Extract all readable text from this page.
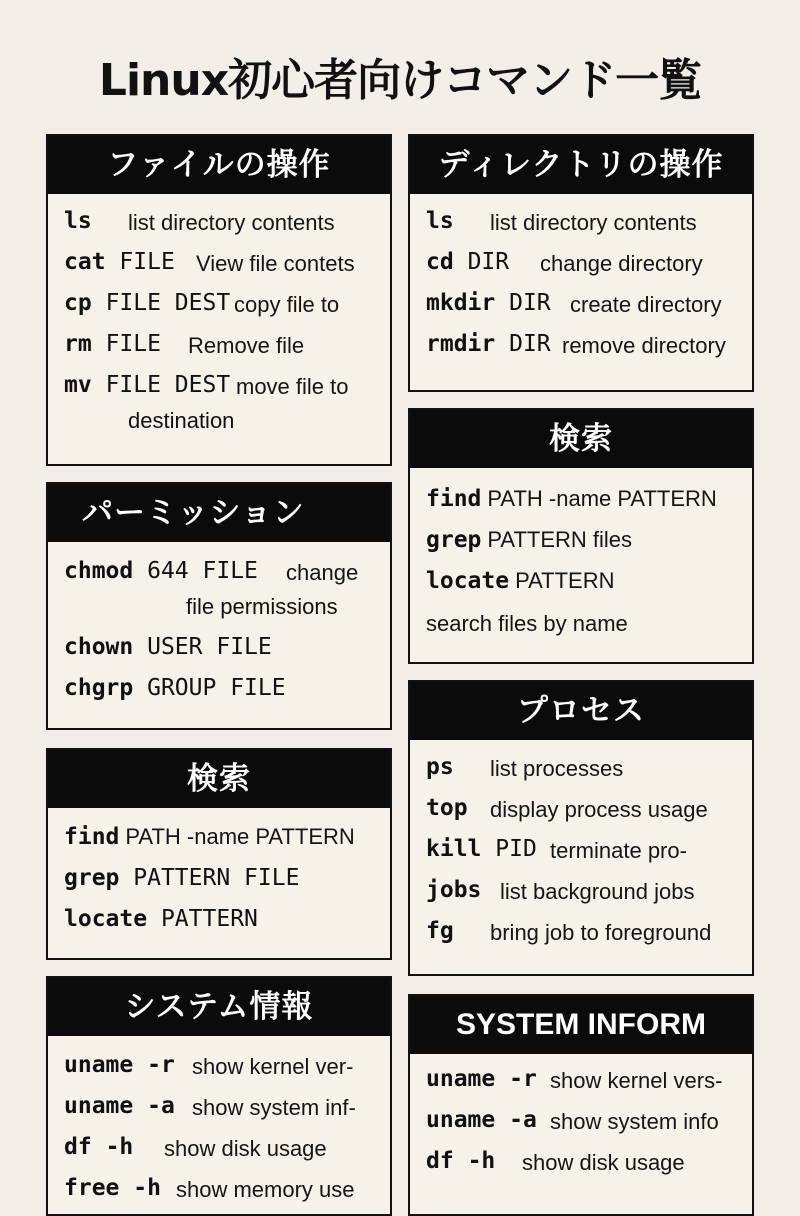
Linux初心者向けコマンド一覧
ファイルの操作
ls list directory contents
cat FILE View file contets
cp FILE DEST copy file to
rm FILE Remove file
mv FILE DEST move file to
destination
ディレクトリの操作
ls list directory contents
cd DIR change directory
mkdir DIR create directory
rmdir DIR remove directory
検索
find PATH -name PATTERN
grep PATTERN files
locate PATTERN
search files by name
パーミッション
chmod 644 FILE change
file permissions
chown USER FILE
chgrp GROUP FILE
プロセス
ps list processes
top display process usage
kill PID terminate pro-
jobs list background jobs
fg bring job to foreground
検索
find PATH -name PATTERN
grep PATTERN FILE
locate PATTERN
システム情報
uname -r show kernel ver-
uname -a show system inf-
df -h show disk usage
free -h show memory use
SYSTEM INFORM
uname -r show kernel vers-
uname -a show system info
df -h show disk usage
